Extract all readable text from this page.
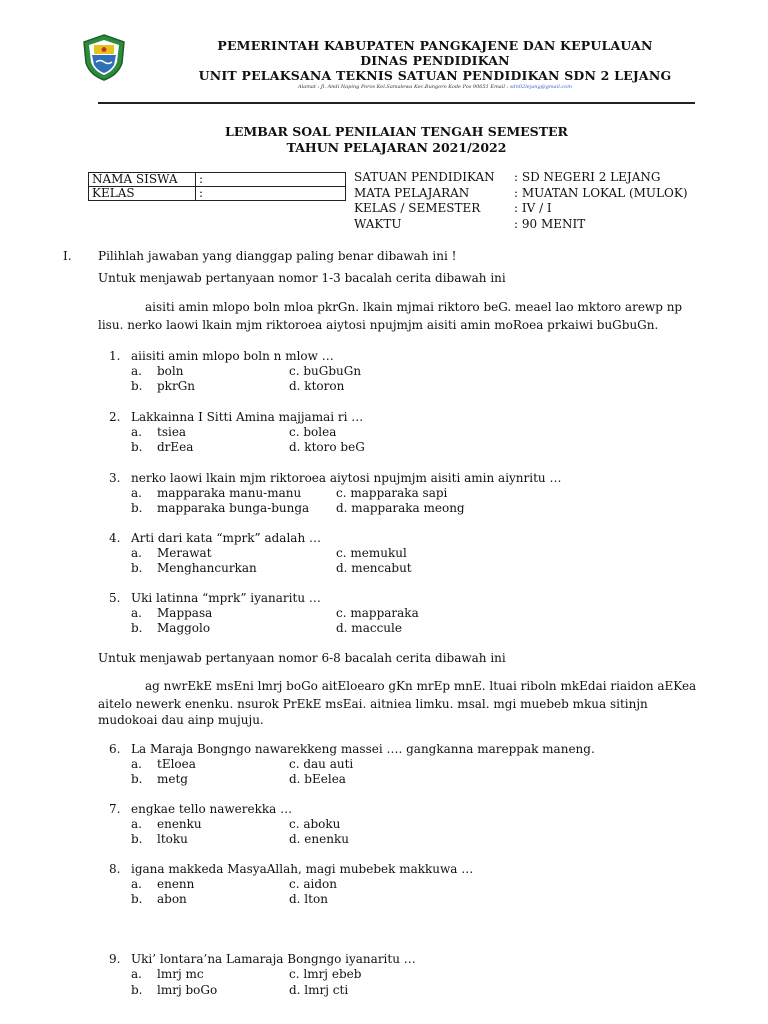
PEMERINTAH KABUPATEN PANGKAJENE DAN KEPULAUAN
DINAS PENDIDIKAN
UNIT PELAKSANA TEKNIS SATUAN PENDIDIKAN SDN 2 LEJANG
Alamat : Jl. Andi Naping Poros Kel.Samalewa Kec.Bungoro Kode Pos 90651 Email : sdn02lejang@gmail.com
LEMBAR SOAL PENILAIAN TENGAH SEMESTER
TAHUN PELAJARAN 2021/2022
NAMA SISWA	:
KELAS	:
SATUAN PENDIDIKAN	: SD NEGERI 2 LEJANG
MATA PELAJARAN	: MUATAN LOKAL (MULOK)
KELAS / SEMESTER	: IV / I
WAKTU	: 90 MENIT
I. Pilihlah jawaban yang dianggap paling benar dibawah ini !
Untuk menjawab pertanyaan nomor 1-3 bacalah cerita dibawah ini
aisiti amin mlopo boln mloa pkrGn. lkain mjmai riktoro beG. meael lao mktoro arewp np
lisu. nerko laowi lkain mjm riktoroea aiytosi npujmjm aisiti amin moRoea prkaiwi buGbuGn.
1. aiisiti amin mlopo boln n mlow …
a.	boln
b.	pkrGn
c. buGbuGn
d. ktoron
2. Lakkainna I Sitti Amina majjamai ri …
a.	tsiea
b.	drEea
c. bolea
d. ktoro beG
3. nerko laowi lkain mjm riktoroea aiytosi npujmjm aisiti amin aiynritu …
a.	mapparaka manu-manu
b.	mapparaka bunga-bunga
c. mapparaka sapi
d. mapparaka meong
4. Arti dari kata “mprk” adalah …
a.	Merawat
b.	Menghancurkan
c. memukul
d. mencabut
5. Uki latinna “mprk” iyanaritu …
a.	Mappasa
b.	Maggolo
c. mapparaka
d. maccule
Untuk menjawab pertanyaan nomor 6-8 bacalah cerita dibawah ini
ag nwrEkE msEni lmrj boGo aitEloearo gKn mrEp mnE. ltuai riboln mkEdai riaidon aEKea
aitelo newerk enenku. nsurok PrEkE msEai. aitniea limku. msal. mgi muebeb mkua sitinjn
mudokoai dau ainp mujuju.
6. La Maraja Bongngo nawarekkeng massei …. gangkanna mareppak maneng.
a.	tEloea
b.	metg
c. dau auti
d. bEelea
7. engkae tello nawerekka …
a.	enenku
b.	ltoku
c. aboku
d. enenku
8. igana makkeda MasyaAllah, magi mubebek makkuwa …
a.	enenn
b.	abon
c. aidon
d. lton
9. Uki’ lontara’na Lamaraja Bongngo iyanaritu …
a.	lmrj mc
b.	lmrj boGo
c. lmrj ebeb
d. lmrj cti
